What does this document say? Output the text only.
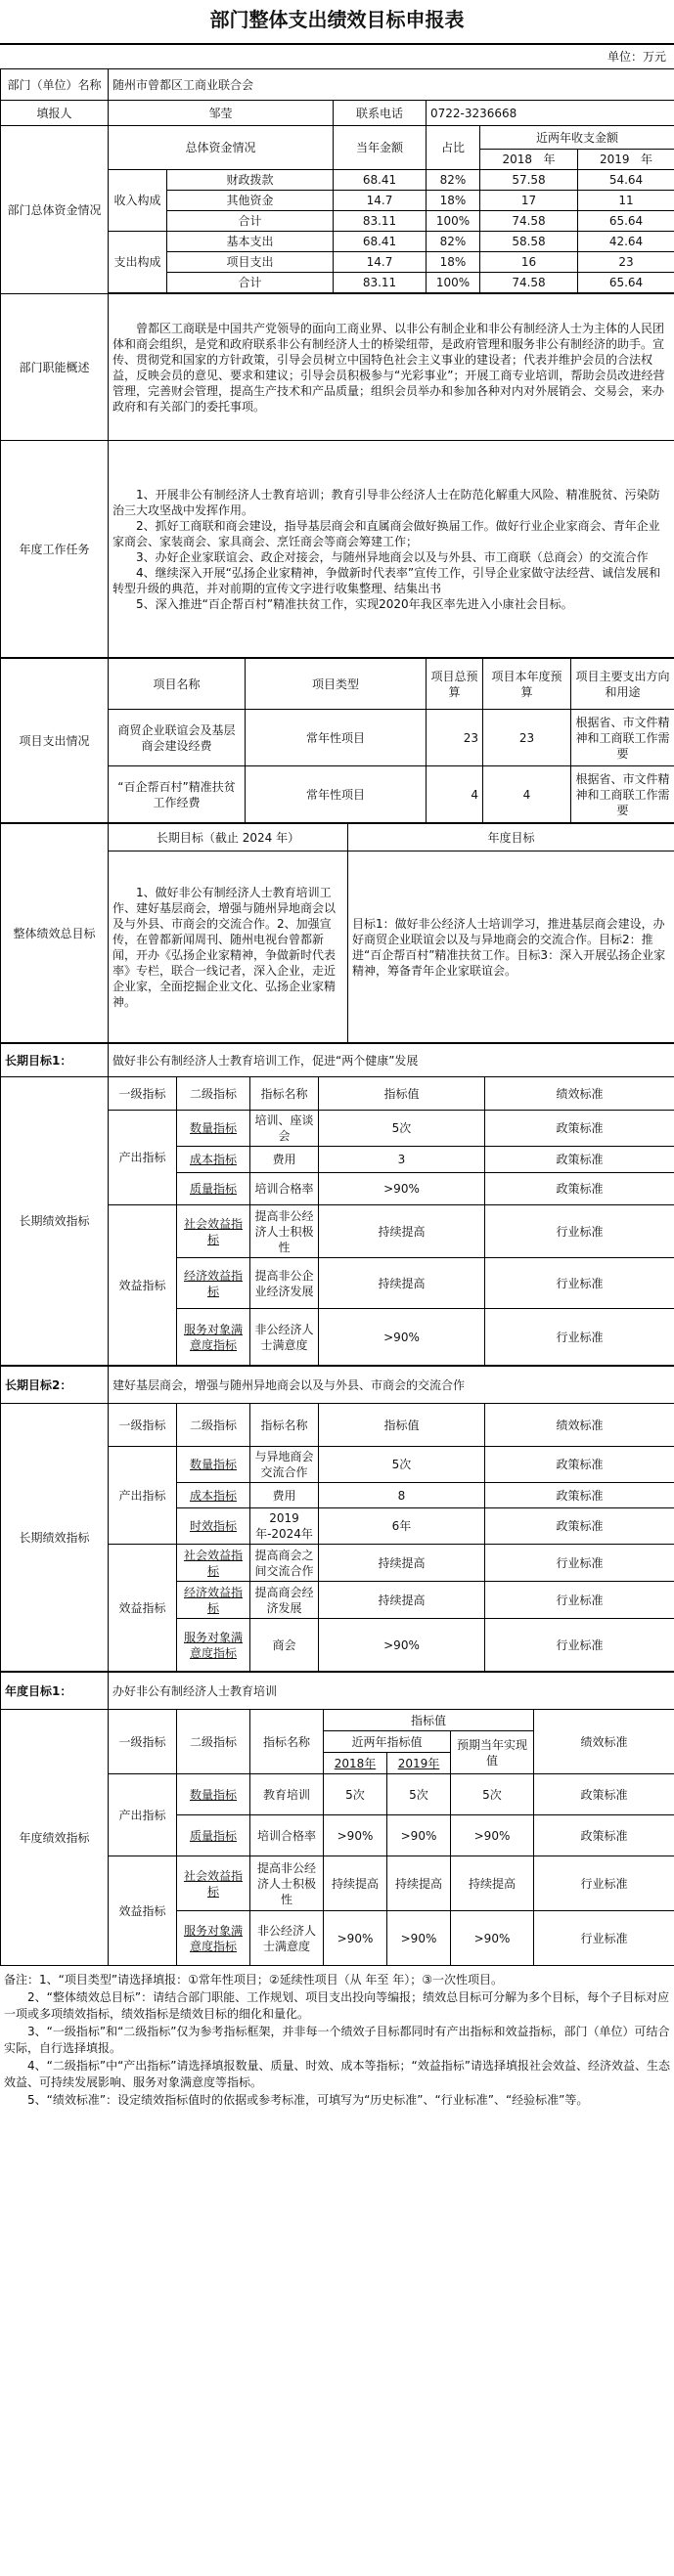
部门整体支出绩效目标申报表
单位：万元
部门（单位）名称	随州市曾都区工商业联合会					
填报人	邹莹		联系电话	0722-3236668		
部门总体资金情况	总体资金情况		当年金额	占比	近两年收支金额	
					2018 年	2019 年
	收入构成	财政拨款	68.41	82%	57.58	54.64
		其他资金	14.7	18%	17	11
		合计	83.11	100%	74.58	65.64
	支出构成	基本支出	68.41	82%	58.58	42.64
		项目支出	14.7	18%	16	23
		合计	83.11	100%	74.58	65.64

部门职能概述	曾都区工商联是中国共产党领导的面向工商业界、以非公有制企业和非公有制经济人士为主体的人民团体和商会组织，是党和政府联系非公有制经济人士的桥梁纽带，是政府管理和服务非公有制经济的助手。宣传、贯彻党和国家的方针政策，引导会员树立中国特色社会主义事业的建设者；代表并维护会员的合法权益，反映会员的意见、要求和建议；引导会员积极参与“光彩事业”；开展工商专业培训，帮助会员改进经营管理，完善财会管理，提高生产技术和产品质量；组织会员举办和参加各种对内对外展销会、交易会，来办政府和有关部门的委托事项。					
年度工作任务	1、开展非公有制经济人士教育培训；教育引导非公经济人士在防范化解重大风险、精准脱贫、污染防治三大攻坚战中发挥作用。
2、抓好工商联和商会建设，指导基层商会和直属商会做好换届工作。做好行业企业家商会、青年企业家商会、家装商会、家具商会、烹饪商会等商会筹建工作；
3、办好企业家联谊会、政企对接会，与随州异地商会以及与外县、市工商联（总商会）的交流合作
4、继续深入开展“弘扬企业家精神，争做新时代表率”宣传工作，引导企业家做守法经营、诚信发展和转型升级的典范，并对前期的宣传文字进行收集整理、结集出书
5、深入推进“百企帮百村”精准扶贫工作，实现2020年我区率先进入小康社会目标。					
项目支出情况	项目名称	项目类型	项目总预算	项目本年度预算	项目主要支出方向和用途
	商贸企业联谊会及基层商会建设经费	常年性项目	23	23	根据省、市文件精神和工商联工作需要
	“百企帮百村”精准扶贫工作经费	常年性项目	4	4	根据省、市文件精神和工商联工作需要
整体绩效总目标	长期目标（截止 2024 年）	年度目标
	1、做好非公有制经济人士教育培训工作、建好基层商会，增强与随州异地商会以及与外县、市商会的交流合作。2、加强宣传，在曾都新闻周刊、随州电视台曾都新闻，开办《弘扬企业家精神，争做新时代表率》专栏，联合一线记者，深入企业，走近企业家，全面挖掘企业文化、弘扬企业家精神。	目标1：做好非公经济人士培训学习，推进基层商会建设，办好商贸企业联谊会以及与异地商会的交流合作。目标2：推进“百企帮百村”精准扶贫工作。目标3：深入开展弘扬企业家精神，筹备青年企业家联谊会。
长期目标1：	做好非公有制经济人士教育培训工作，促进“两个健康”发展				
长期绩效指标	一级指标	二级指标	指标名称	指标值	绩效标准
	产出指标	数量指标	培训、座谈会	5次	政策标准
		成本指标	费用	3	政策标准
		质量指标	培训合格率	>90%	政策标准
	效益指标	社会效益指标	提高非公经济人士积极性	持续提高	行业标准
		经济效益指标	提高非公企业经济发展	持续提高	行业标准
		服务对象满意度指标	非公经济人士满意度	>90%	行业标准
长期目标2：	建好基层商会，增强与随州异地商会以及与外县、市商会的交流合作				
长期绩效指标	一级指标	二级指标	指标名称	指标值	绩效标准
	产出指标	数量指标	与异地商会交流合作	5次	政策标准
		成本指标	费用	8	政策标准
		时效指标	2019年-2024年	6年	政策标准
	效益指标	社会效益指标	提高商会之间交流合作	持续提高	行业标准
		经济效益指标	提高商会经济发展	持续提高	行业标准
		服务对象满意度指标	商会	>90%	行业标准
年度目标1：	办好非公有制经济人士教育培训						
年度绩效指标	一级指标	二级指标	指标名称	指标值			绩效标准
				近两年指标值		预期当年实现值	
				2018年	2019年		
	产出指标	数量指标	教育培训	5次	5次	5次	政策标准
		质量指标	培训合格率	>90%	>90%	>90%	政策标准
	效益指标	社会效益指标	提高非公经济人士积极性	持续提高	持续提高	持续提高	行业标准
		服务对象满意度指标	非公经济人士满意度	>90%	>90%	>90%	行业标准
备注：1、“项目类型”请选择填报：①常年性项目；②延续性项目（从 年至 年）；③一次性项目。
2、“整体绩效总目标”：请结合部门职能、工作规划、项目支出投向等编报；绩效总目标可分解为多个目标，每个子目标对应一项或多项绩效指标，绩效指标是绩效目标的细化和量化。
3、“一级指标”和“二级指标”仅为参考指标框架，并非每一个绩效子目标都同时有产出指标和效益指标，部门（单位）可结合实际，自行选择填报。
4、“二级指标”中“产出指标”请选择填报数量、质量、时效、成本等指标；“效益指标”请选择填报社会效益、经济效益、生态效益、可持续发展影响、服务对象满意度等指标。
5、“绩效标准”：设定绩效指标值时的依据或参考标准，可填写为“历史标准”、“行业标准”、“经验标准”等。
